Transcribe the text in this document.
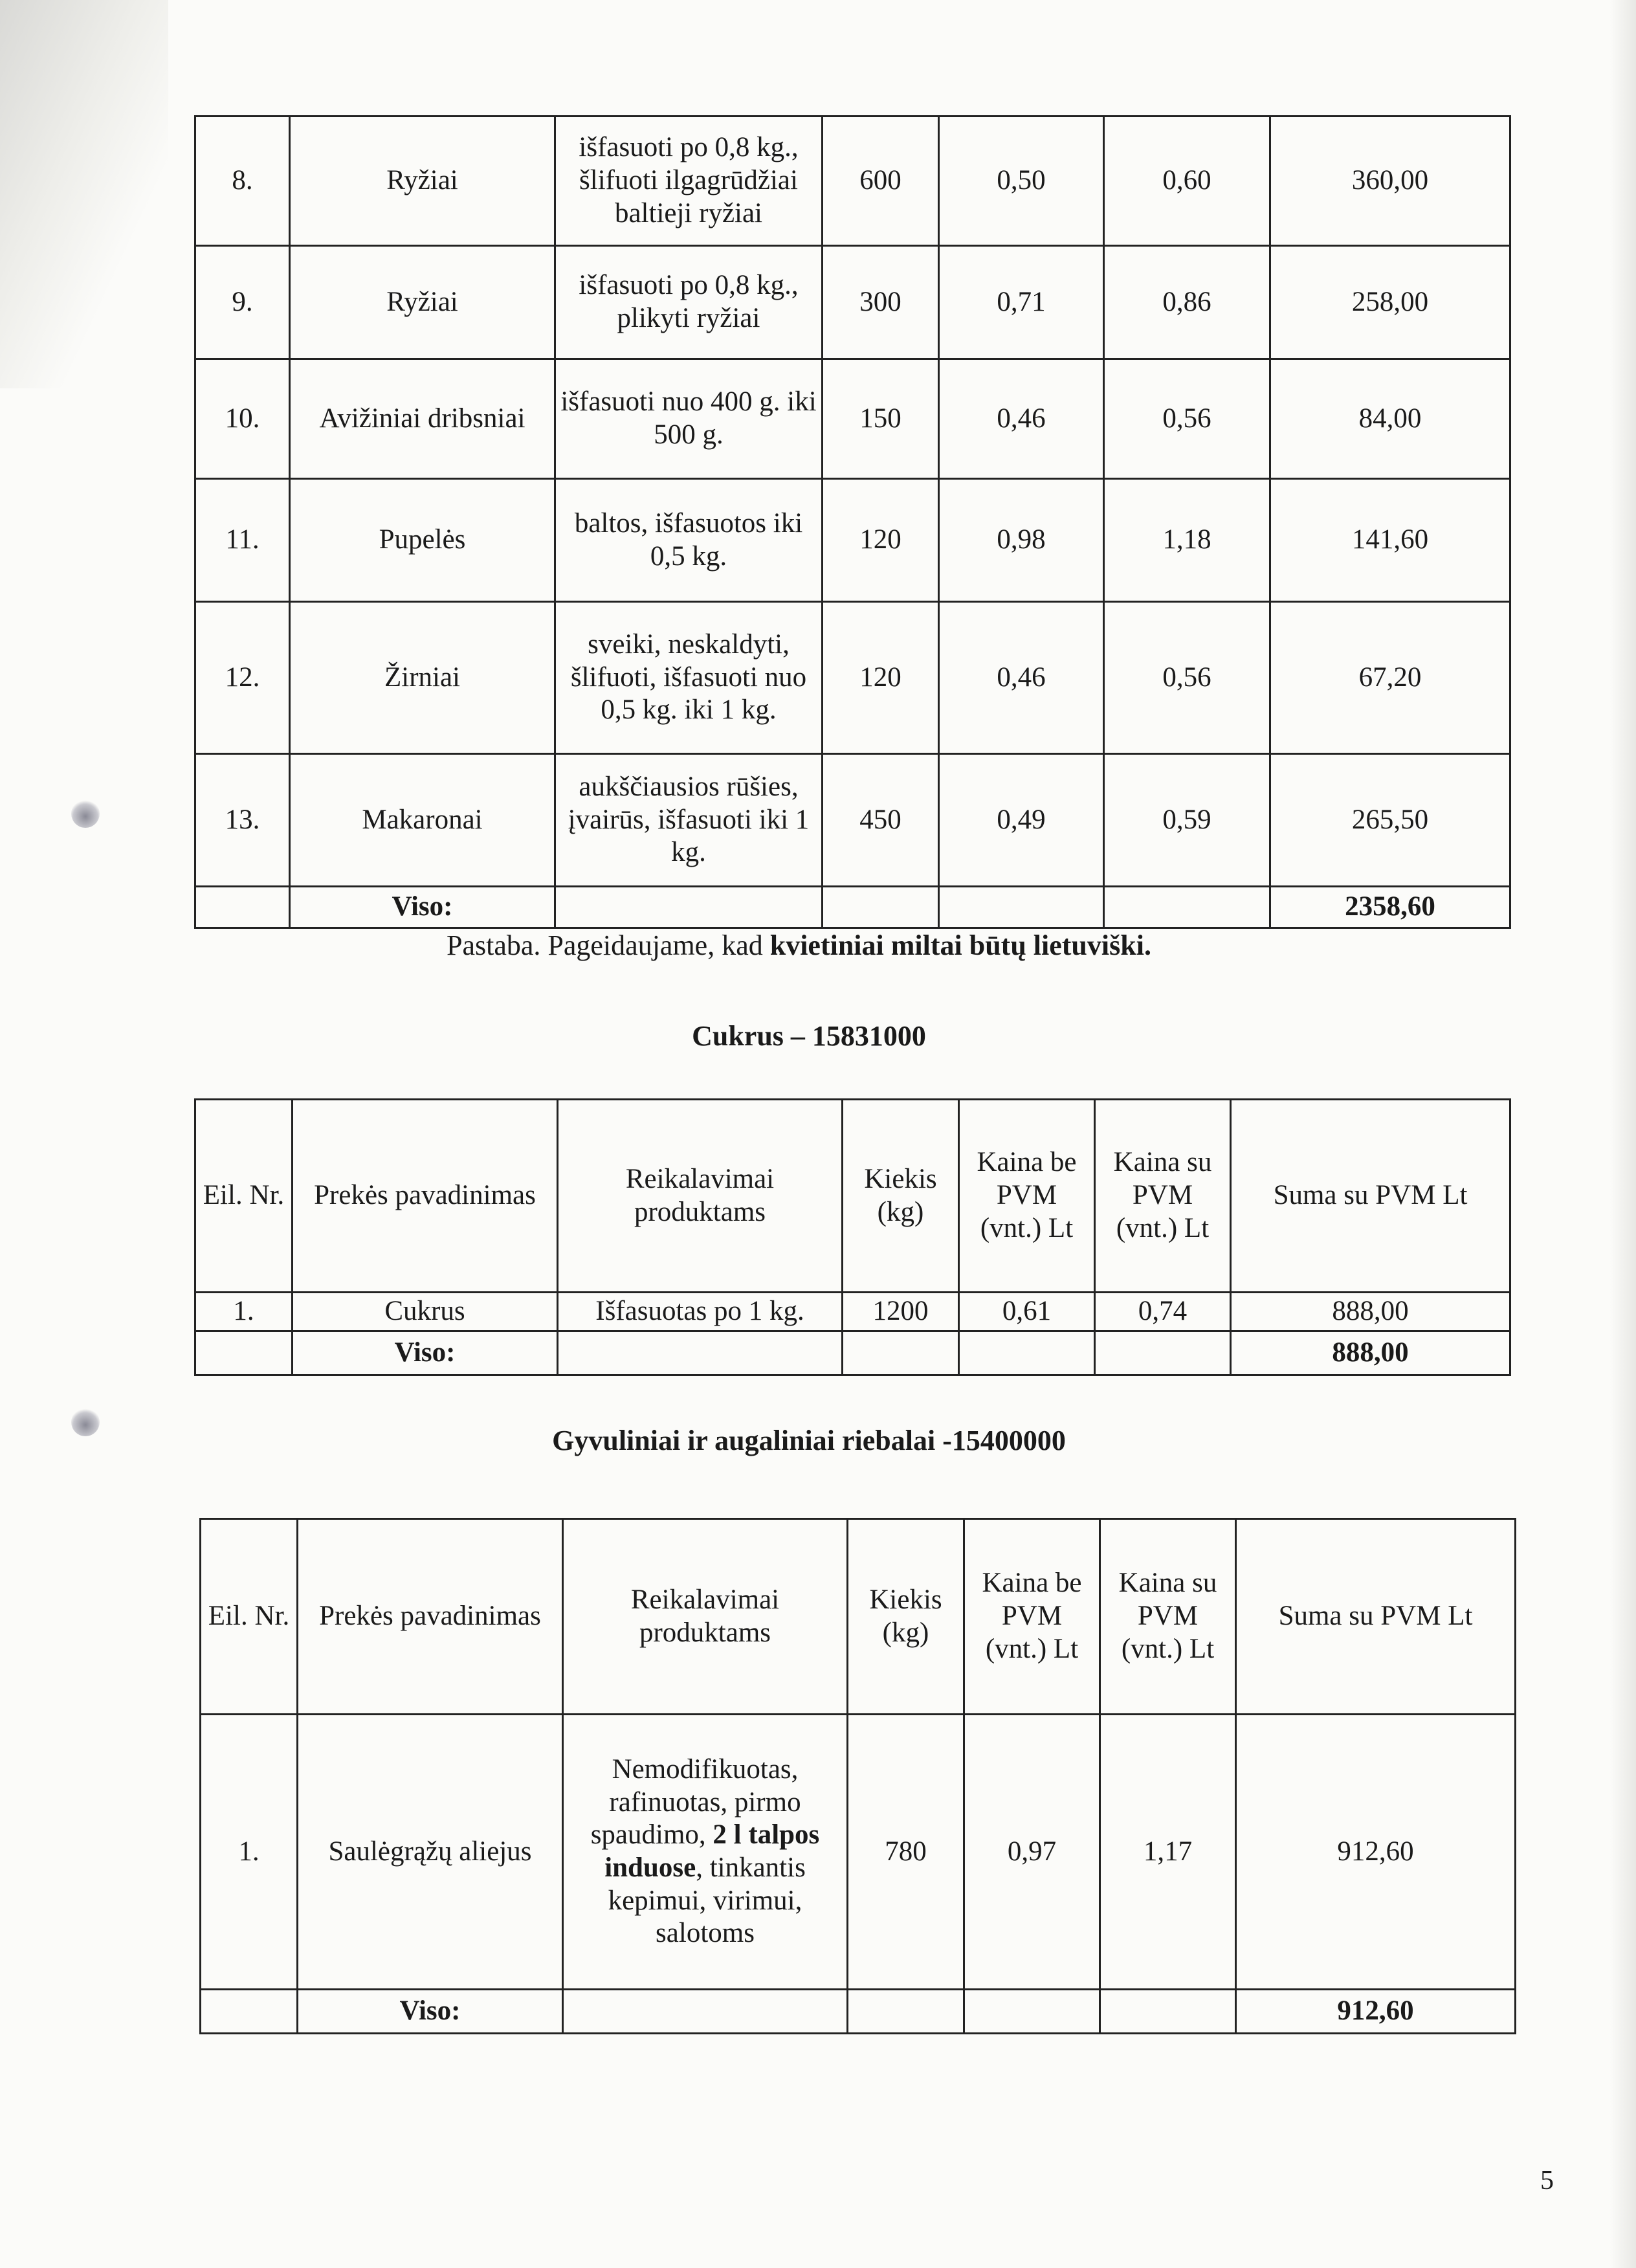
8.	Ryžiai	išfasuoti po 0,8 kg., šlifuoti ilgagrūdžiai baltieji ryžiai	600	0,50	0,60	360,00
9.	Ryžiai	išfasuoti po 0,8 kg., plikyti ryžiai	300	0,71	0,86	258,00
10.	Avižiniai dribsniai	išfasuoti nuo 400 g. iki 500 g.	150	0,46	0,56	84,00
11.	Pupelės	baltos, išfasuotos iki 0,5 kg.	120	0,98	1,18	141,60
12.	Žirniai	sveiki, neskaldyti, šlifuoti, išfasuoti nuo 0,5 kg. iki 1 kg.	120	0,46	0,56	67,20
13.	Makaronai	aukščiausios rūšies, įvairūs, išfasuoti iki 1 kg.	450	0,49	0,59	265,50
	Viso:					2358,60
Pastaba. Pageidaujame, kad kvietiniai miltai būtų lietuviški.
Cukrus – 15831000
Eil. Nr.	Prekės pavadinimas	Reikalavimai produktams	Kiekis (kg)	Kaina be PVM (vnt.) Lt	Kaina su PVM (vnt.) Lt	Suma su PVM Lt
1.	Cukrus	Išfasuotas po 1 kg.	1200	0,61	0,74	888,00
	Viso:					888,00
Gyvuliniai ir augaliniai riebalai -15400000
Eil. Nr.	Prekės pavadinimas	Reikalavimai produktams	Kiekis (kg)	Kaina be PVM (vnt.) Lt	Kaina su PVM (vnt.) Lt	Suma su PVM Lt
1.	Saulėgrąžų aliejus	Nemodifikuotas, rafinuotas, pirmo spaudimo, 2 l talpos induose, tinkantis kepimui, virimui, salotoms	780	0,97	1,17	912,60
	Viso:					912,60
5
